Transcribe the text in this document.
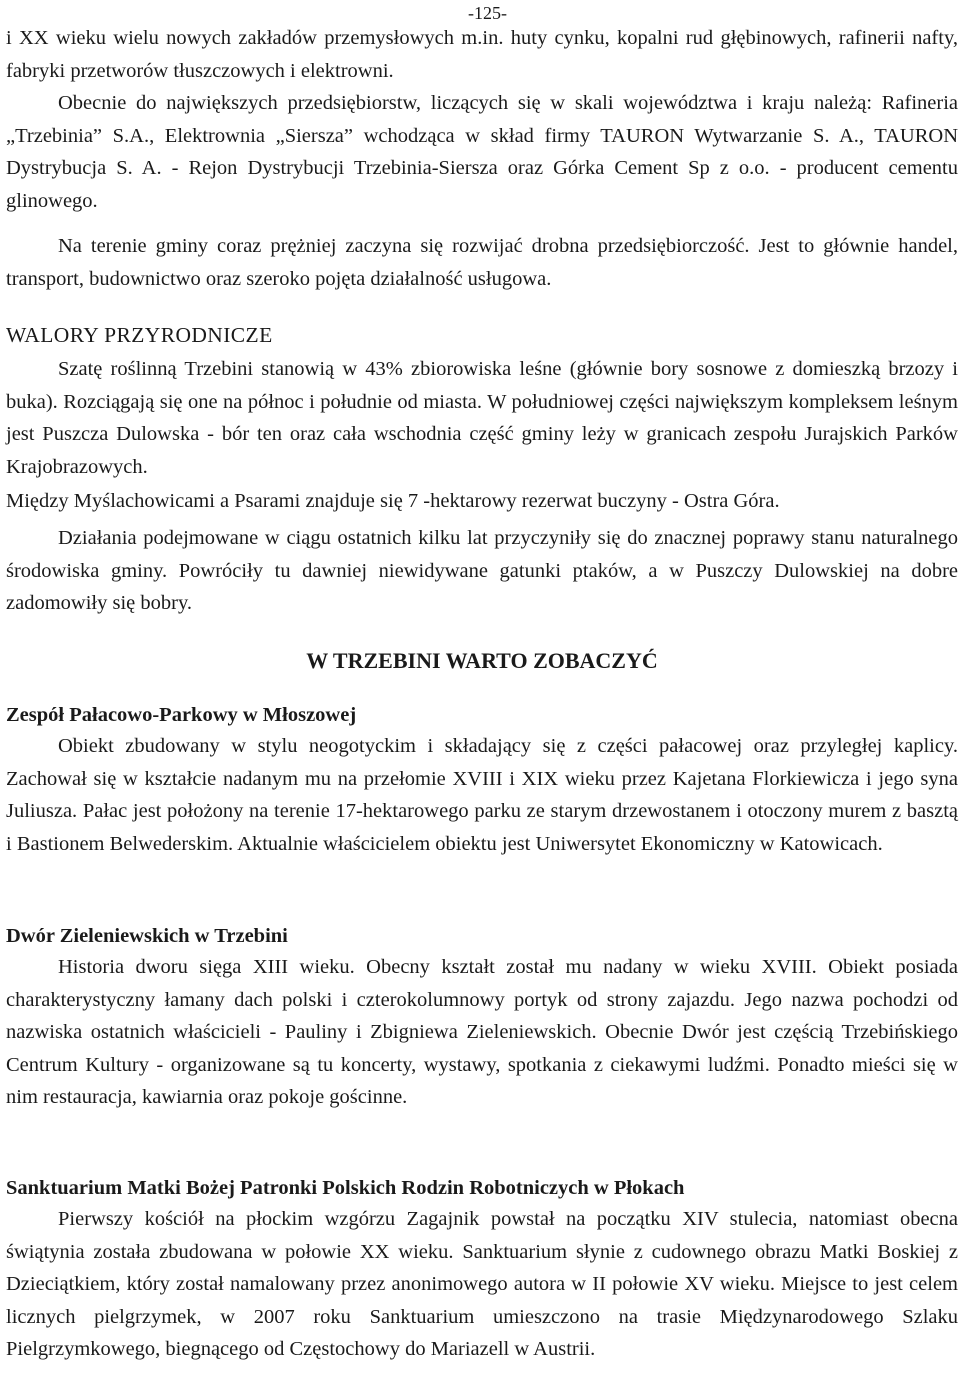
-125-

i XX wieku wielu nowych zakładów przemysłowych m.in. huty cynku, kopalni rud głębinowych, rafinerii nafty, fabryki przetworów tłuszczowych i elektrowni.

Obecnie do największych przedsiębiorstw, liczących się w skali województwa i kraju należą: Rafineria „Trzebinia” S.A., Elektrownia „Siersza” wchodząca w skład firmy TAURON Wytwarzanie S. A., TAURON Dystrybucja S. A. - Rejon Dystrybucji Trzebinia-Siersza oraz Górka Cement Sp z o.o. - producent cementu glinowego.

Na terenie gminy coraz prężniej zaczyna się rozwijać drobna przedsiębiorczość. Jest to głównie handel, transport, budownictwo oraz szeroko pojęta działalność usługowa.

WALORY PRZYRODNICZE

Szatę roślinną Trzebini stanowią w 43% zbiorowiska leśne (głównie bory sosnowe z domieszką brzozy i buka). Rozciągają się one na północ i południe od miasta. W południowej części największym kompleksem leśnym jest Puszcza Dulowska - bór ten oraz cała wschodnia część gminy leży w granicach zespołu Jurajskich Parków Krajobrazowych.

Między Myślachowicami a Psarami znajduje się 7 -hektarowy rezerwat buczyny - Ostra Góra.

Działania podejmowane w ciągu ostatnich kilku lat przyczyniły się do znacznej poprawy stanu naturalnego środowiska gminy. Powróciły tu dawniej niewidywane gatunki ptaków, a w Puszczy Dulowskiej na dobre zadomowiły się bobry.

W TRZEBINI WARTO ZOBACZYĆ
Zespół Pałacowo-Parkowy w Młoszowej

Obiekt zbudowany w stylu neogotyckim i składający się z części pałacowej oraz przyległej kaplicy. Zachował się w kształcie nadanym mu na przełomie XVIII i XIX wieku przez Kajetana Florkiewicza i jego syna Juliusza. Pałac jest położony na terenie 17-hektarowego parku ze starym drzewostanem i otoczony murem z basztą i Bastionem Belwederskim. Aktualnie właścicielem obiektu jest Uniwersytet Ekonomiczny w Katowicach.

Dwór Zieleniewskich w Trzebini

Historia dworu sięga XIII wieku. Obecny kształt został mu nadany w wieku XVIII. Obiekt posiada charakterystyczny łamany dach polski i czterokolumnowy portyk od strony zajazdu. Jego nazwa pochodzi od nazwiska ostatnich właścicieli - Pauliny i Zbigniewa Zieleniewskich. Obecnie Dwór jest częścią Trzebińskiego Centrum Kultury - organizowane są tu koncerty, wystawy, spotkania z ciekawymi ludźmi. Ponadto mieści się w nim restauracja, kawiarnia oraz pokoje gościnne.

Sanktuarium Matki Bożej Patronki Polskich Rodzin Robotniczych w Płokach

Pierwszy kościół na płockim wzgórzu Zagajnik powstał na początku XIV stulecia, natomiast obecna świątynia została zbudowana w połowie XX wieku. Sanktuarium słynie z cudownego obrazu Matki Boskiej z Dzieciątkiem, który został namalowany przez anonimowego autora w II połowie XV wieku. Miejsce to jest celem licznych pielgrzymek, w 2007 roku Sanktuarium umieszczono na trasie Międzynarodowego Szlaku Pielgrzymkowego, biegnącego od Częstochowy do Mariazell w Austrii.
